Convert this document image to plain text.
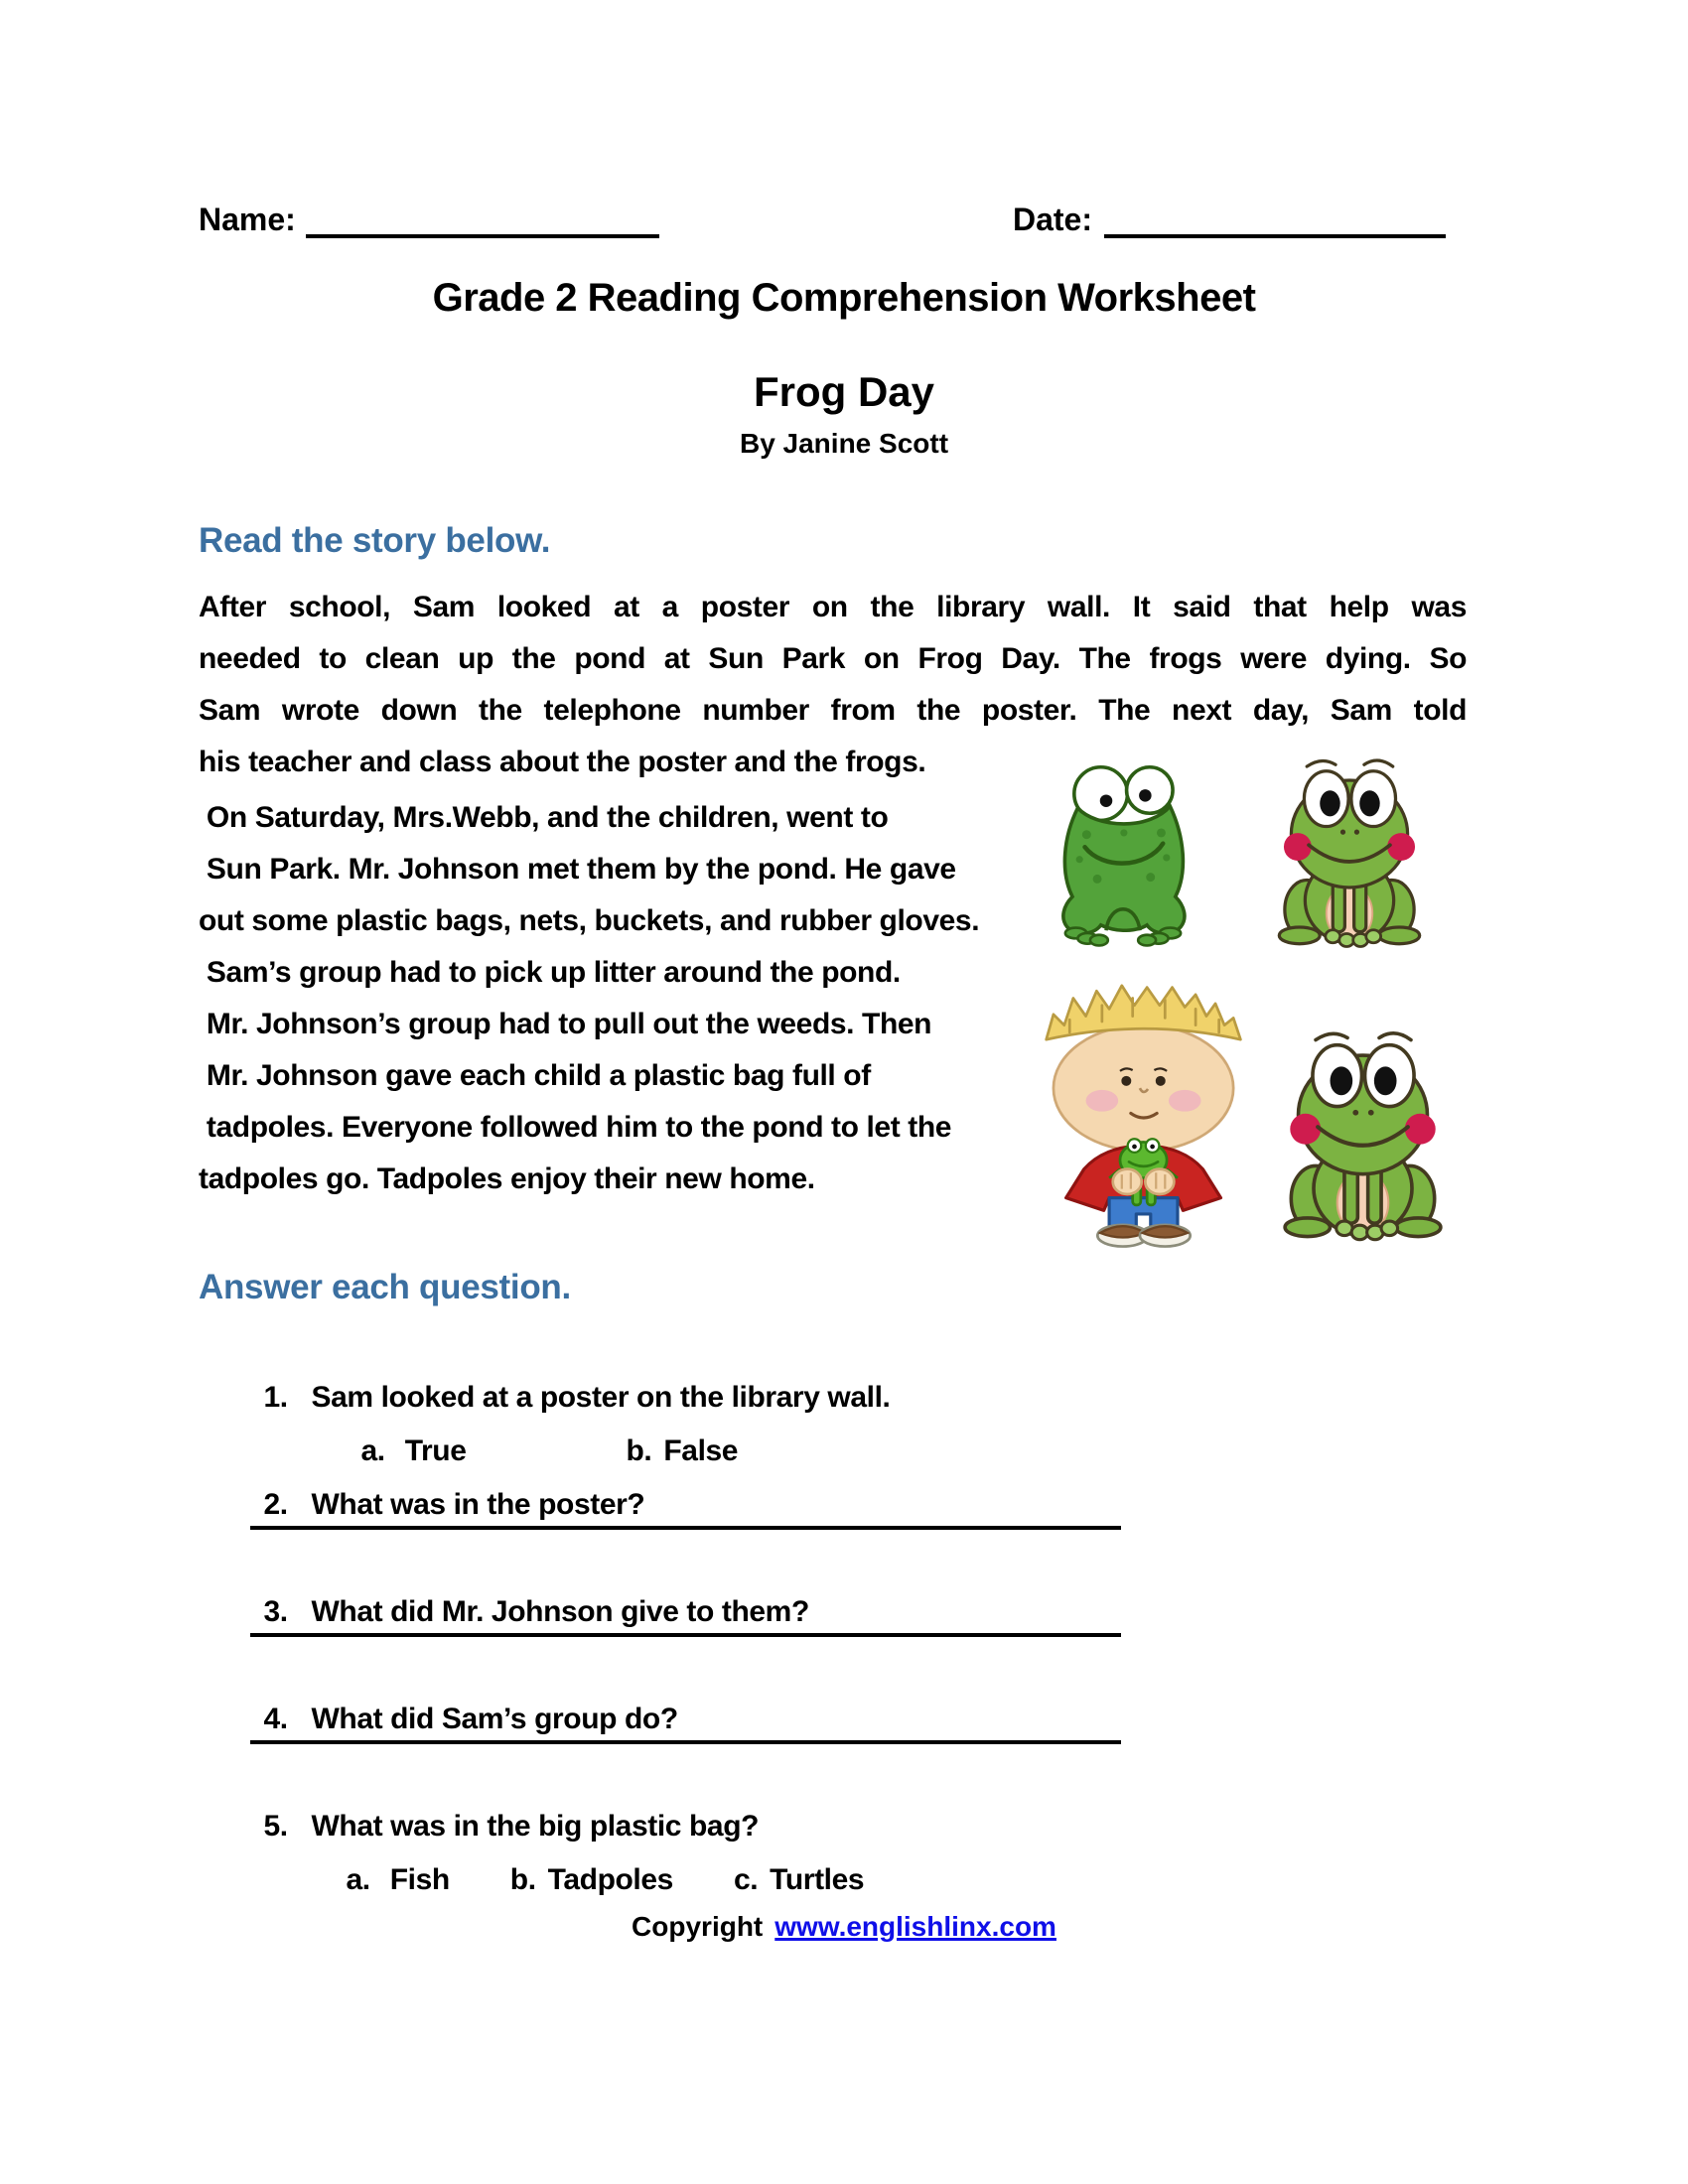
Name:	Date:
Grade 2 Reading Comprehension Worksheet
Frog Day
By Janine Scott
Read the story below.
After school, Sam looked at a poster on the library wall. It said that help was
needed to clean up the pond at Sun Park on Frog Day. The frogs were dying. So
Sam wrote down the telephone number from the poster. The next day, Sam told
his teacher and class about the poster and the frogs.
On Saturday, Mrs.Webb, and the children, went to
Sun Park. Mr. Johnson met them by the pond. He gave
out some plastic bags, nets, buckets, and rubber gloves.
Sam’s group had to pick up litter around the pond.
Mr. Johnson’s group had to pull out the weeds. Then
Mr. Johnson gave each child a plastic bag full of
tadpoles. Everyone followed him to the pond to let the
tadpoles go. Tadpoles enjoy their new home.
Answer each question.

1. Sam looked at a poster on the library wall.

a. True	b. False

2. What was in the poster?

3. What did Mr. Johnson give to them?

4. What did Sam’s group do?

5. What was in the big plastic bag?

a. Fish b. Tadpoles c. Turtles

Copyright www.englishlinx.com
